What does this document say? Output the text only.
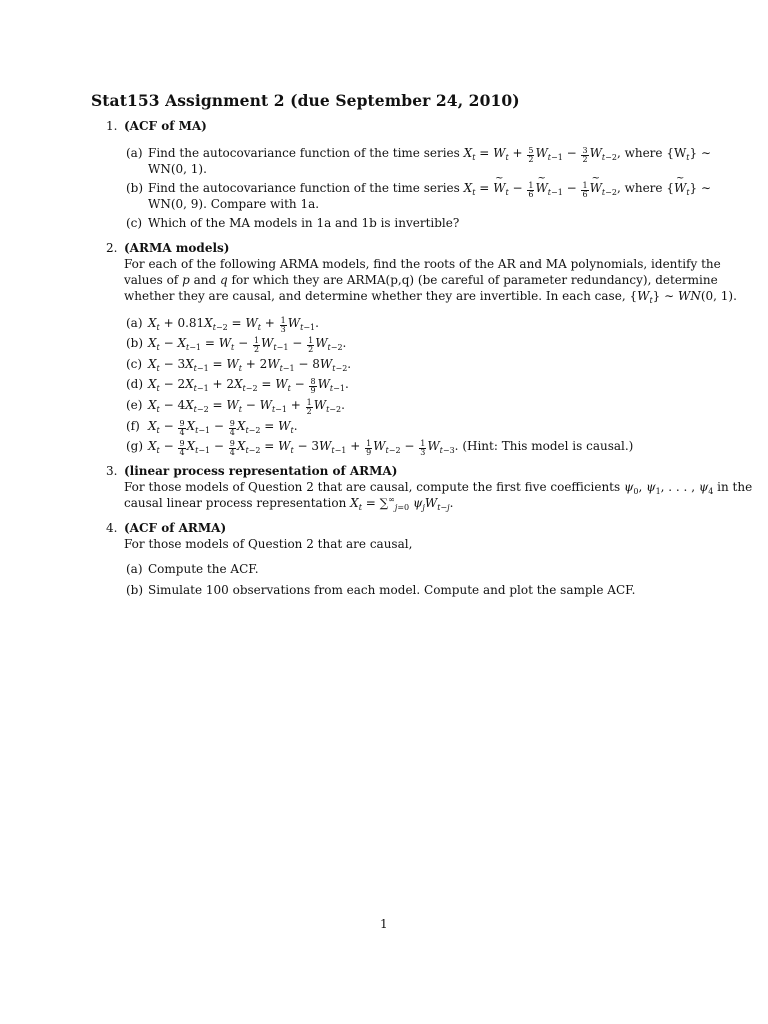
Stat153 Assignment 2 (due September 24, 2010)
1. (ACF of MA)
(a) Find the autocovariance function of the time series $X_t = W_t + \frac{5}{2} W_{t-1} - \frac{3}{2} W_{t-2}$, where $\{W_t\}$ ∼
WN(0, 1).
(b) Find the autocovariance function of the time series $X_t$ = ~ $W_t - \frac{1}{6}$ ~ $W_{t-1} - \frac{1}{6}$ ~ $W_{t-2}$, where {~ $W_t$} ∼
WN(0, 9). Compare with 1a.
(c) Which of the MA models in 1a and 1b is invertible?
2. (ARMA models)
For each of the following ARMA models, find the roots of the AR and MA polynomials, identify the
values of p and q for which they are ARMA(p,q) (be careful of parameter redundancy), determine
whether they are causal, and determine whether they are invertible. In each case, $\{W_t\}$ ∼ WN(0, 1).
(a) $X_t + 0.81X_{t-2} = W_t + \frac{1}{3} W_{t-1}$.
(b) $X_t - X_{t-1} = W_t - \frac{1}{2} W_{t-1} - \frac{1}{2} W_{t-2}$.
(c) $X_t - 3X_{t-1} = W_t + 2W_{t-1} - 8W_{t-2}$.
(d) $X_t - 2X_{t-1} + 2X_{t-2} = W_t - \frac{8}{9} W_{t-1}$.
(e) $X_t - 4X_{t-2} = W_t - W_{t-1} + \frac{1}{2} W_{t-2}$.
(f) $X_t - \frac{9}{4} X_{t-1} - \frac{9}{4} X_{t-2} = W_t$.
(g) $X_t - \frac{9}{4} X_{t-1} - \frac{9}{4} X_{t-2} = W_t - 3W_{t-1} + \frac{1}{9} W_{t-2} - \frac{1}{3} W_{t-3}$. (Hint: This model is causal.)
3. (linear process representation of ARMA)
For those models of Question 2 that are causal, compute the first five coefficients $\psi_0$, $\psi_1$, . . . , $\psi_4$ in the
causal linear process representation $X_t = \sum^\infty_{j=0}$ $\psi_jW_{t-j}$.
4. (ACF of ARMA)
For those models of Question 2 that are causal,
(a) Compute the ACF.
(b) Simulate 100 observations from each model. Compute and plot the sample ACF.
1
